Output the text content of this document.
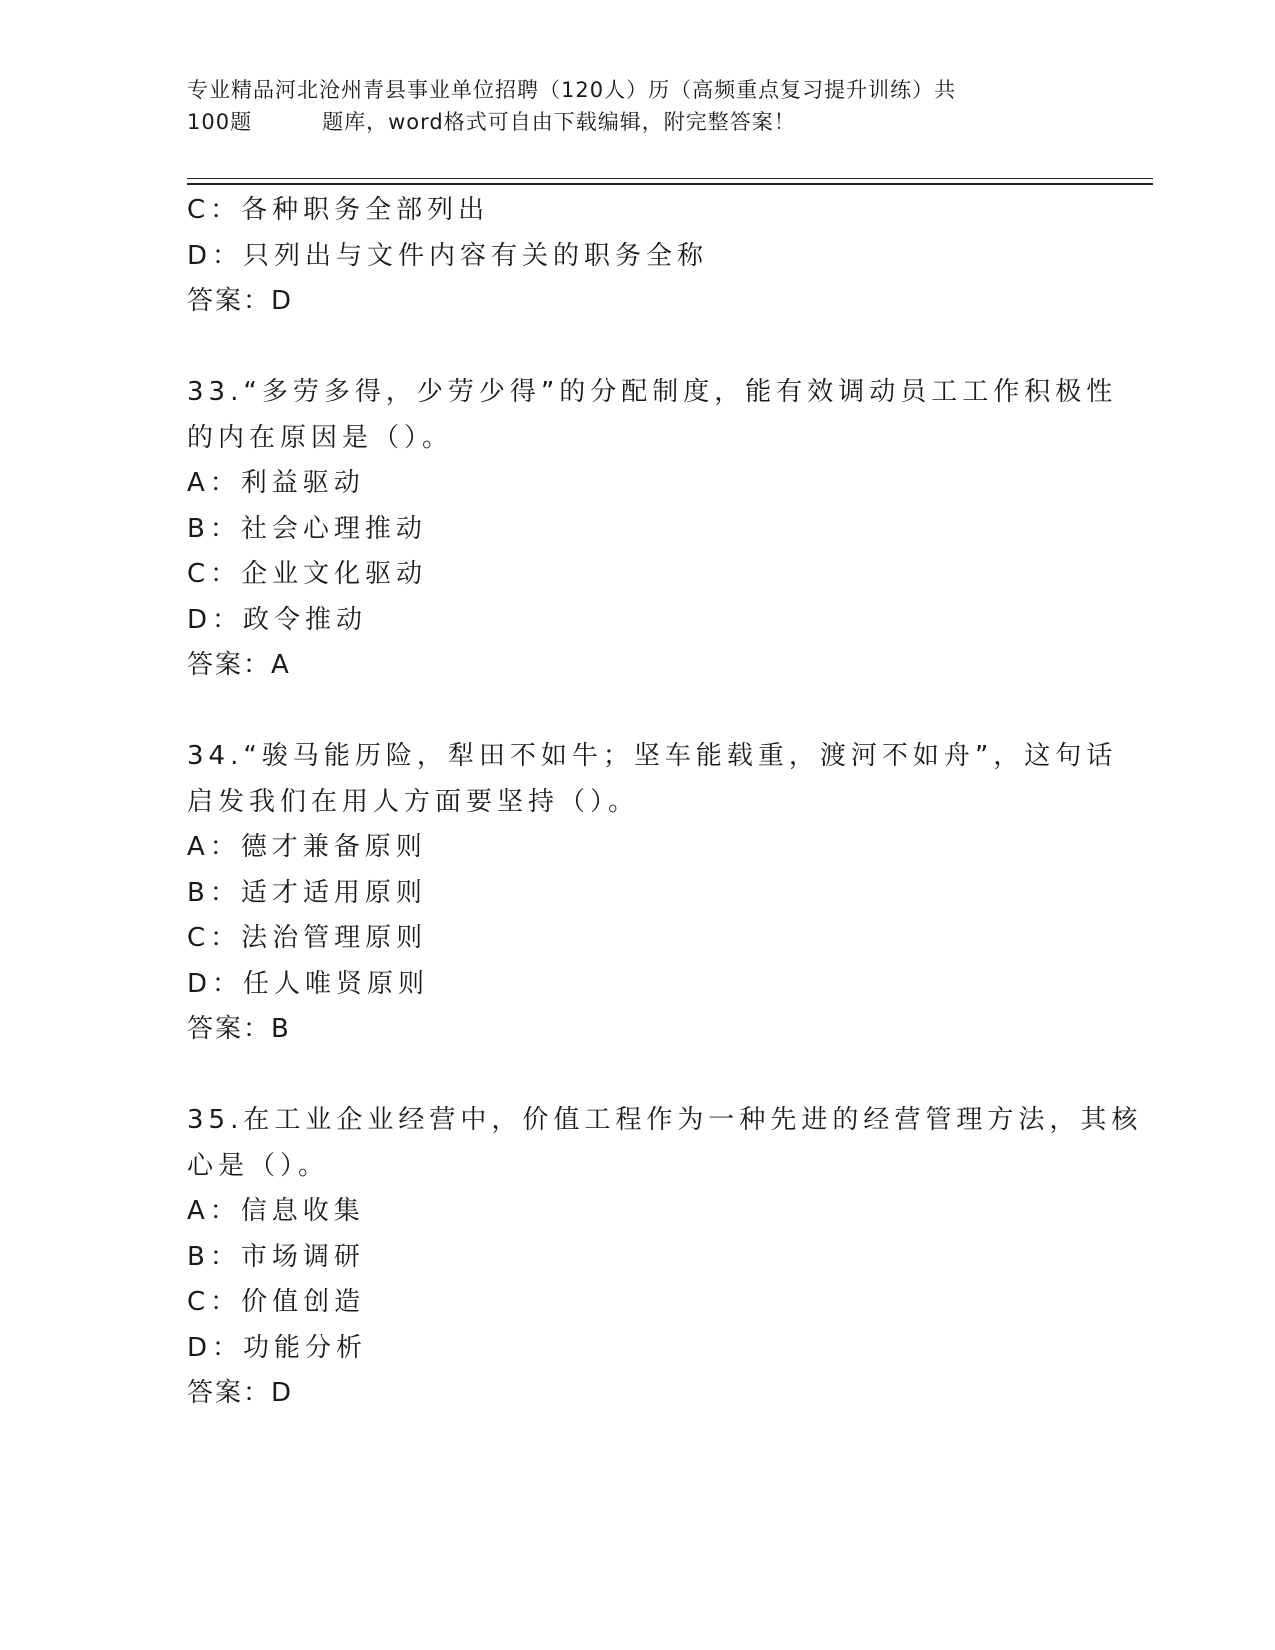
专业精品河北沧州青县事业单位招聘（120人）历（高频重点复习提升训练）共
100题	题库，word格式可自由下载编辑，附完整答案！
C：各种职务全部列出
D：只列出与文件内容有关的职务全称
答案：D
33.“多劳多得，少劳少得”的分配制度，能有效调动员工工作积极性
的内在原因是（）。
A：利益驱动
B：社会心理推动
C：企业文化驱动
D：政令推动
答案：A
34.“骏马能历险，犁田不如牛；坚车能载重，渡河不如舟”，这句话
启发我们在用人方面要坚持（）。
A：德才兼备原则
B：适才适用原则
C：法治管理原则
D：任人唯贤原则
答案：B
35.在工业企业经营中，价值工程作为一种先进的经营管理方法，其核
心是（）。
A：信息收集
B：市场调研
C：价值创造
D：功能分析
答案：D
